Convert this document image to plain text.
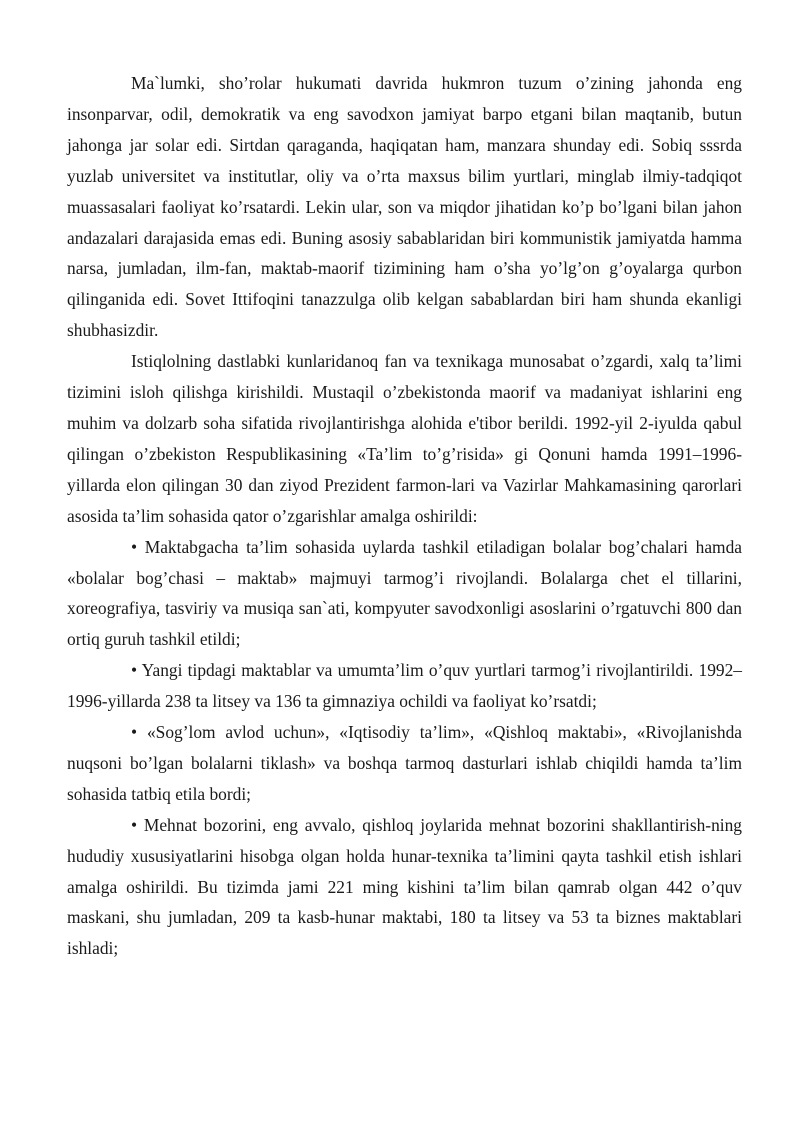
Ma`lumki, sho’rolar hukumati davrida hukmron tuzum o’zining jahonda eng insonparvar, odil, demokratik va eng savodxon jamiyat barpo etgani bilan maqtanib, butun jahonga jar solar edi. Sirtdan qaraganda, haqiqatan ham, manzara shunday edi. Sobiq sssrda yuzlab universitet va institutlar, oliy va o’rta maxsus bilim yurtlari, minglab ilmiy-tadqiqot muassasalari faoliyat ko’rsatardi. Lekin ular, son va miqdor jihatidan ko’p bo’lgani bilan jahon andazalari darajasida emas edi. Buning asosiy sabablaridan biri kommunistik jamiyatda hamma narsa, jumladan, ilm-fan, maktab-maorif tizimining ham o’sha yo’lg’on g’oyalarga qurbon qilinganida edi. Sovet Ittifoqini tanazzulga olib kelgan sabablardan biri ham shunda ekanligi shubhasizdir.

Istiqlolning dastlabki kunlaridanoq fan va texnikaga munosabat o’zgardi, xalq ta’limi tizimini isloh qilishga kirishildi. Mustaqil o’zbekistonda maorif va madaniyat ishlarini eng muhim va dolzarb soha sifatida rivojlantirishga alohida e'tibor berildi. 1992-yil 2-iyulda qabul qilingan o’zbekiston Respublikasining «Ta’lim to’g’risida» gi Qonuni hamda 1991–1996-yillarda elon qilingan 30 dan ziyod Prezident farmon-lari va Vazirlar Mahkamasining qarorlari asosida ta’lim sohasida qator o’zgarishlar amalga oshirildi:

• Maktabgacha ta’lim sohasida uylarda tashkil etiladigan bolalar bog’chalari hamda «bolalar bog’chasi – maktab» majmuyi tarmog’i rivojlandi. Bolalarga chet el tillarini, xoreografiya, tasviriy va musiqa san`ati, kompyuter savodxonligi asoslarini o’rgatuvchi 800 dan ortiq guruh tashkil etildi;

• Yangi tipdagi maktablar va umumta’lim o’quv yurtlari tarmog’i rivojlantirildi. 1992–1996-yillarda 238 ta litsey va 136 ta gimnaziya ochildi va faoliyat ko’rsatdi;

• «Sog’lom avlod uchun», «Iqtisodiy ta’lim», «Qishloq maktabi», «Rivojlanishda nuqsoni bo’lgan bolalarni tiklash» va boshqa tarmoq dasturlari ishlab chiqildi hamda ta’lim sohasida tatbiq etila bordi;

• Mehnat bozorini, eng avvalo, qishloq joylarida mehnat bozorini shakllantirish-ning hududiy xususiyatlarini hisobga olgan holda hunar-texnika ta’limini qayta tashkil etish ishlari amalga oshirildi. Bu tizimda jami 221 ming kishini ta’lim bilan qamrab olgan 442 o’quv maskani, shu jumladan, 209 ta kasb-hunar maktabi, 180 ta litsey va 53 ta biznes maktablari ishladi;
